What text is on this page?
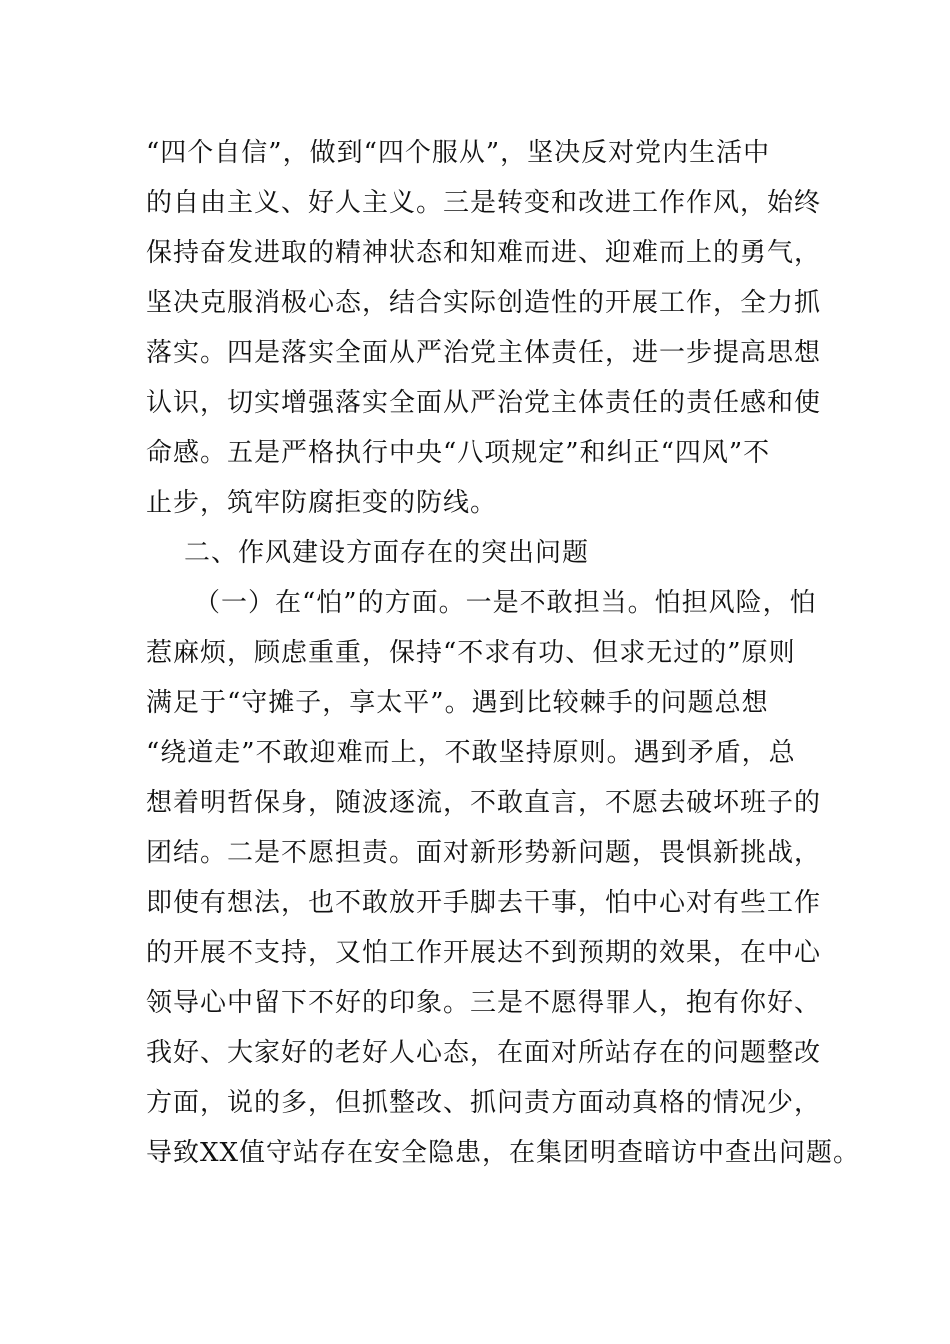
“四个自信”，做到“四个服从”，坚决反对党内生活中
的自由主义、好人主义。三是转变和改进工作作风，始终
保持奋发进取的精神状态和知难而进、迎难而上的勇气，
坚决克服消极心态，结合实际创造性的开展工作，全力抓
落实。四是落实全面从严治党主体责任，进一步提高思想
认识，切实增强落实全面从严治党主体责任的责任感和使
命感。五是严格执行中央“八项规定”和纠正“四风”不
止步，筑牢防腐拒变的防线。
二、作风建设方面存在的突出问题
（一）在“怕”的方面。一是不敢担当。怕担风险，怕
惹麻烦，顾虑重重，保持“不求有功、但求无过的”原则
满足于“守摊子，享太平”。遇到比较棘手的问题总想
“绕道走”不敢迎难而上，不敢坚持原则。遇到矛盾，总
想着明哲保身，随波逐流，不敢直言，不愿去破坏班子的
团结。二是不愿担责。面对新形势新问题，畏惧新挑战，
即使有想法，也不敢放开手脚去干事，怕中心对有些工作
的开展不支持，又怕工作开展达不到预期的效果，在中心
领导心中留下不好的印象。三是不愿得罪人，抱有你好、
我好、大家好的老好人心态，在面对所站存在的问题整改
方面，说的多，但抓整改、抓问责方面动真格的情况少，
导致XX值守站存在安全隐患，在集团明查暗访中查出问题。
